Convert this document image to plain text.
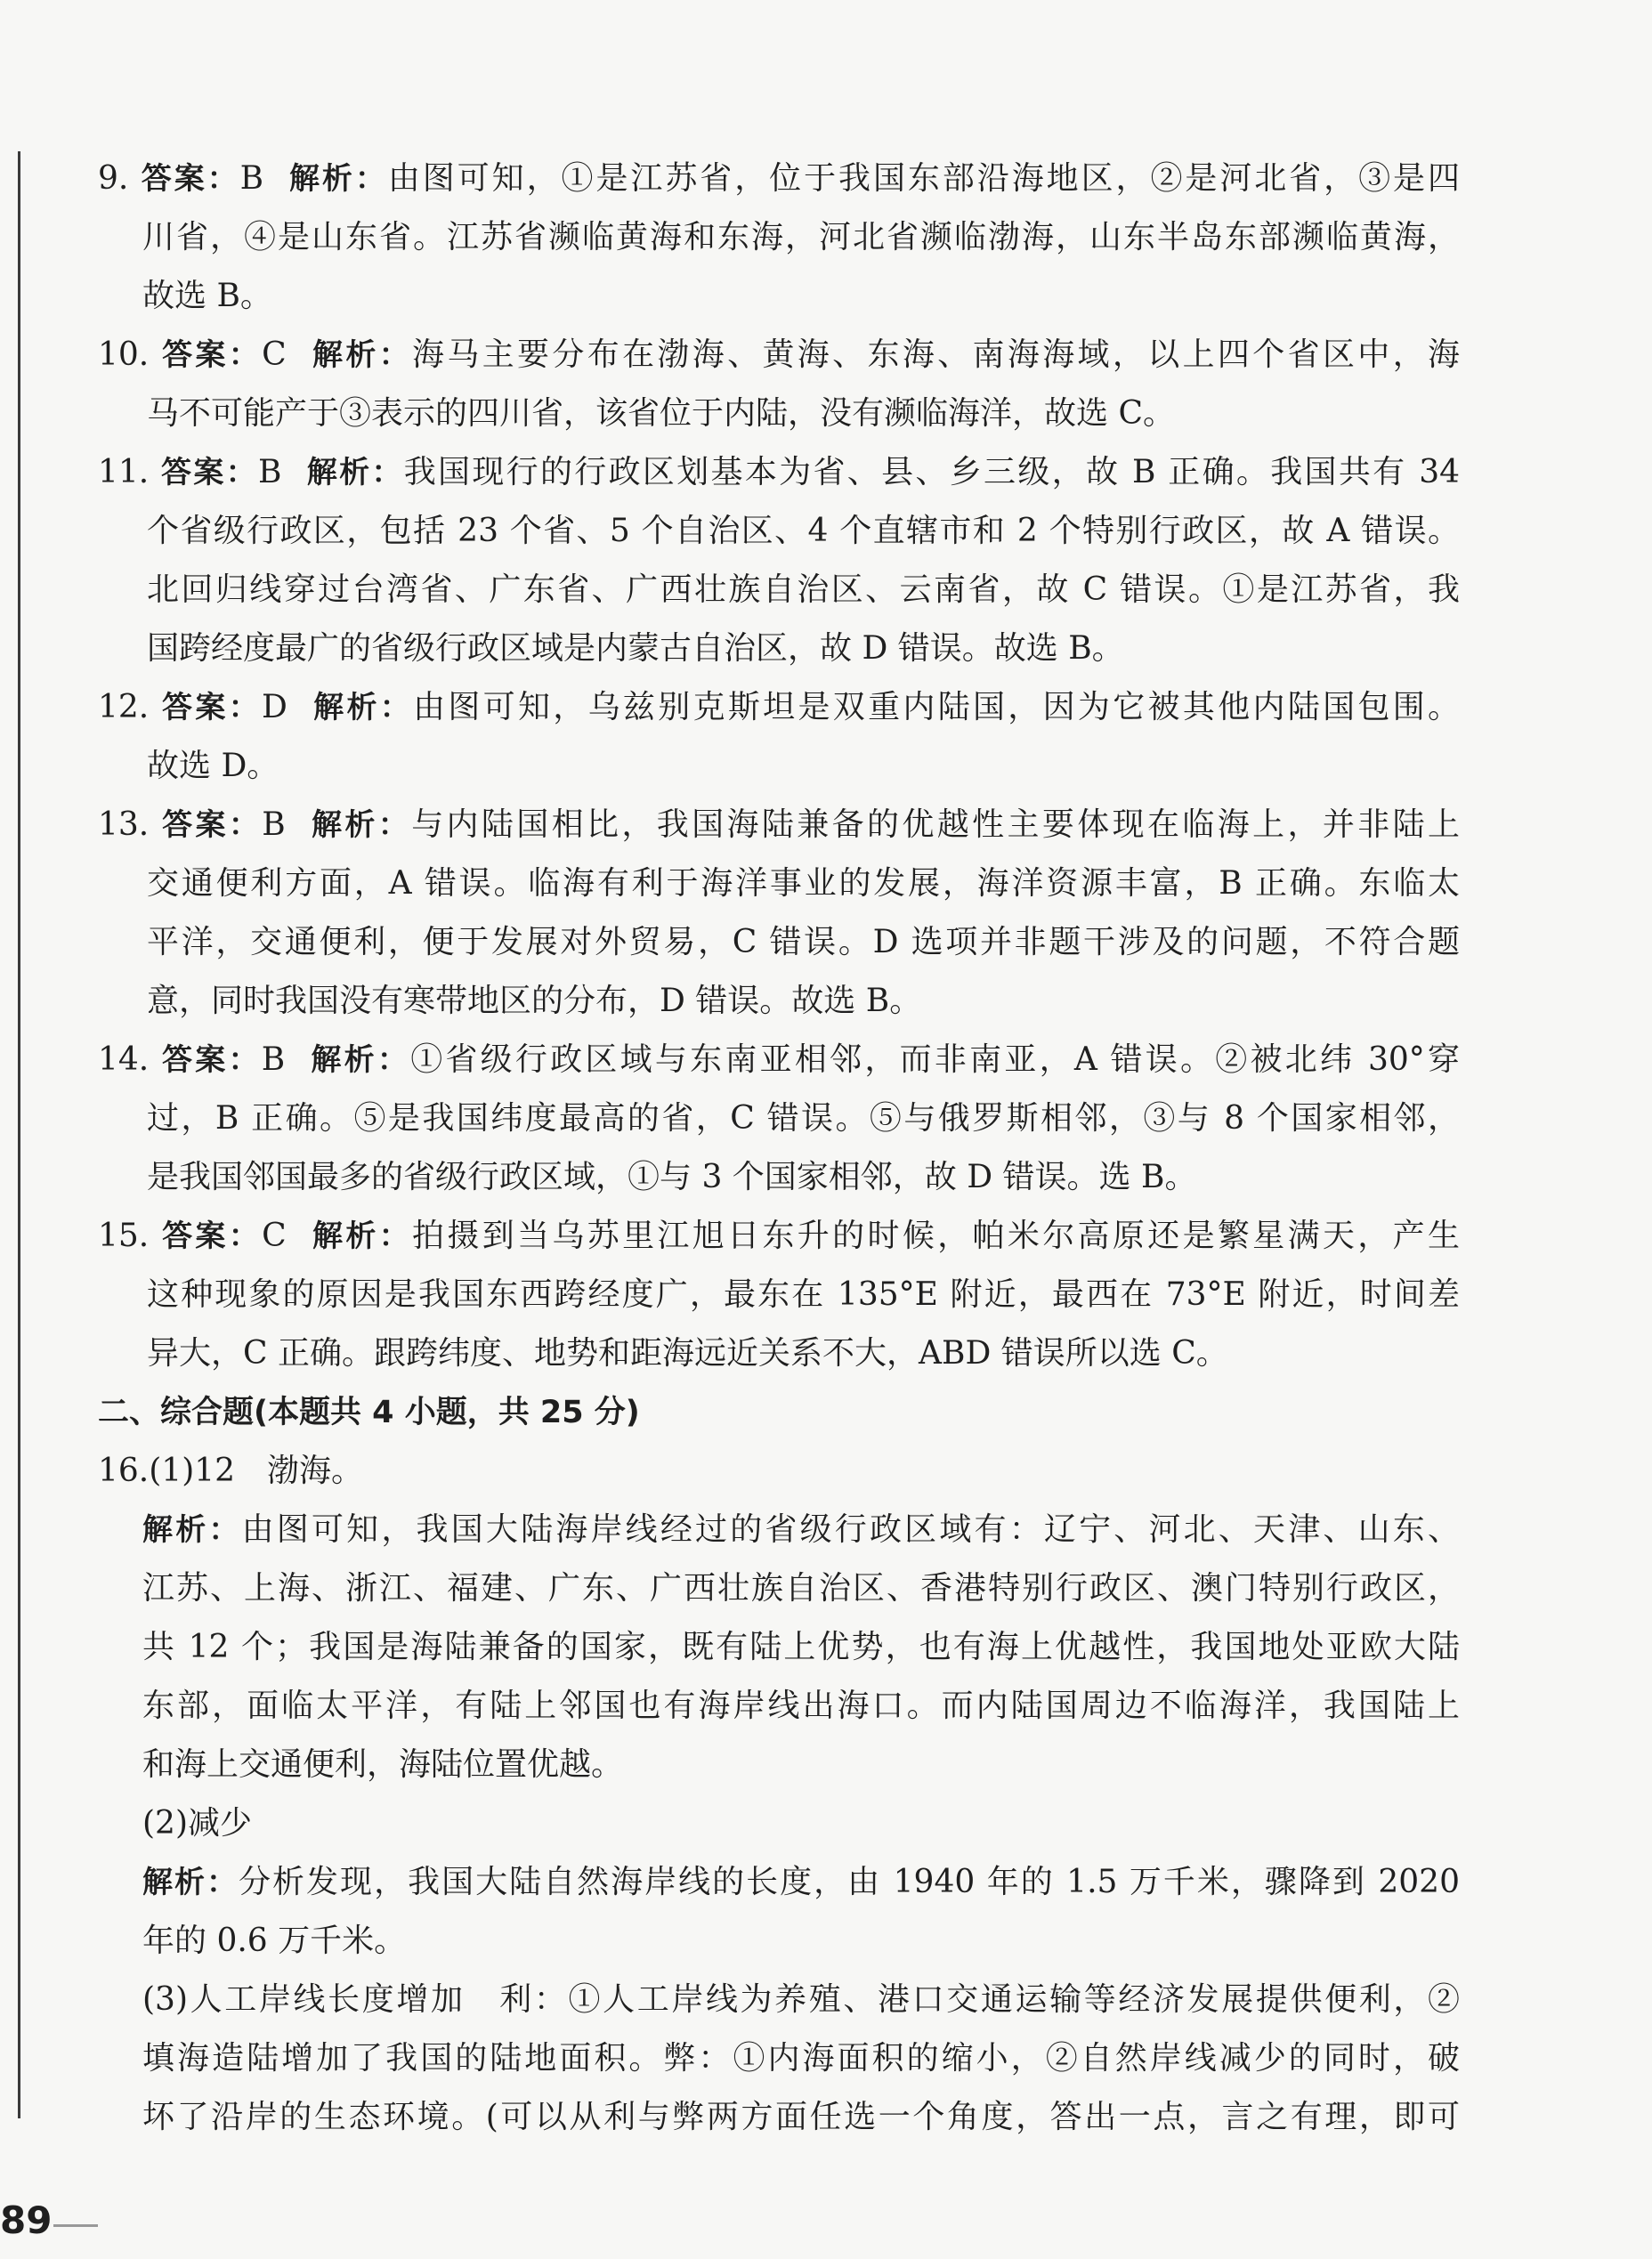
9. 答案：B 解析：由图可知，①是江苏省，位于我国东部沿海地区，②是河北省，③是四
川省，④是山东省。江苏省濒临黄海和东海，河北省濒临渤海，山东半岛东部濒临黄海，
故选 B。
10. 答案：C 解析：海马主要分布在渤海、黄海、东海、南海海域，以上四个省区中，海
马不可能产于③表示的四川省，该省位于内陆，没有濒临海洋，故选 C。
11. 答案：B 解析：我国现行的行政区划基本为省、县、乡三级，故 B 正确。我国共有 34
个省级行政区，包括 23 个省、5 个自治区、4 个直辖市和 2 个特别行政区，故 A 错误。
北回归线穿过台湾省、广东省、广西壮族自治区、云南省，故 C 错误。①是江苏省，我
国跨经度最广的省级行政区域是内蒙古自治区，故 D 错误。故选 B。
12. 答案：D 解析：由图可知，乌兹别克斯坦是双重内陆国，因为它被其他内陆国包围。
故选 D。
13. 答案：B 解析：与内陆国相比，我国海陆兼备的优越性主要体现在临海上，并非陆上
交通便利方面，A 错误。临海有利于海洋事业的发展，海洋资源丰富，B 正确。东临太
平洋，交通便利，便于发展对外贸易，C 错误。D 选项并非题干涉及的问题，不符合题
意，同时我国没有寒带地区的分布，D 错误。故选 B。
14. 答案：B 解析：①省级行政区域与东南亚相邻，而非南亚，A 错误。②被北纬 30°穿
过，B 正确。⑤是我国纬度最高的省，C 错误。⑤与俄罗斯相邻，③与 8 个国家相邻，
是我国邻国最多的省级行政区域，①与 3 个国家相邻，故 D 错误。选 B。
15. 答案：C 解析：拍摄到当乌苏里江旭日东升的时候，帕米尔高原还是繁星满天，产生
这种现象的原因是我国东西跨经度广，最东在 135°E 附近，最西在 73°E 附近，时间差
异大，C 正确。跟跨纬度、地势和距海远近关系不大，ABD 错误所以选 C。
二、综合题(本题共 4 小题，共 25 分)
16.(1)12　渤海。
解析：由图可知，我国大陆海岸线经过的省级行政区域有：辽宁、河北、天津、山东、
江苏、上海、浙江、福建、广东、广西壮族自治区、香港特别行政区、澳门特别行政区，
共 12 个；我国是海陆兼备的国家，既有陆上优势，也有海上优越性，我国地处亚欧大陆
东部，面临太平洋，有陆上邻国也有海岸线出海口。而内陆国周边不临海洋，我国陆上
和海上交通便利，海陆位置优越。
(2)减少
解析：分析发现，我国大陆自然海岸线的长度，由 1940 年的 1.5 万千米，骤降到 2020
年的 0.6 万千米。
(3)人工岸线长度增加　利：①人工岸线为养殖、港口交通运输等经济发展提供便利，②
填海造陆增加了我国的陆地面积。弊：①内海面积的缩小，②自然岸线减少的同时，破
坏了沿岸的生态环境。(可以从利与弊两方面任选一个角度，答出一点，言之有理，即可
89
